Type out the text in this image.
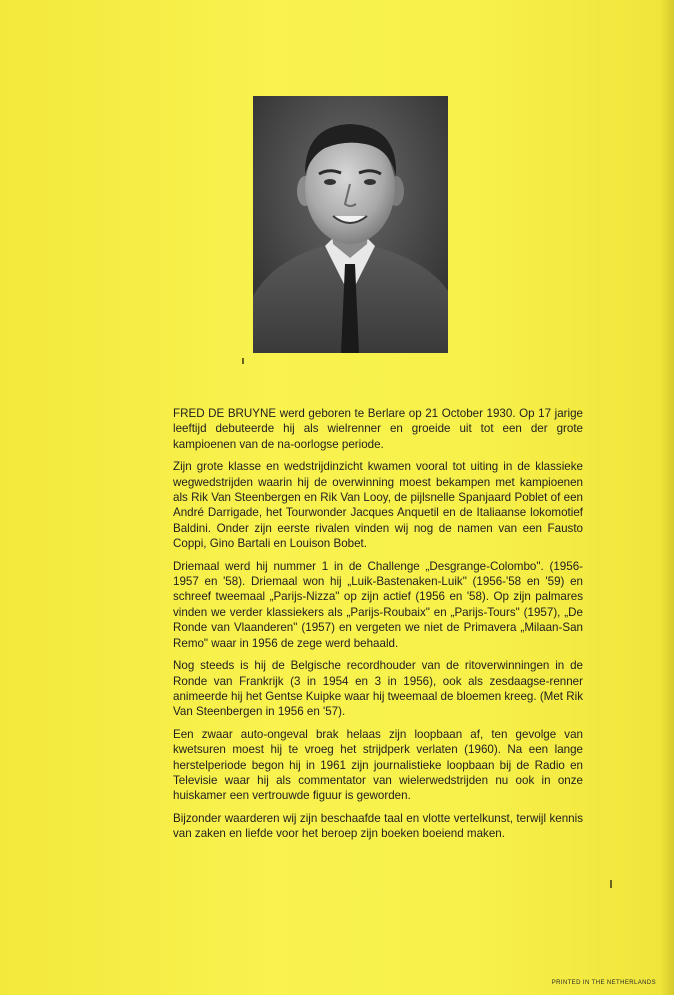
FRED DE BRUYNE werd geboren te Berlare op 21 October 1930. Op 17 jarige leeftijd debuteerde hij als wielrenner en groeide uit tot een der grote kampioenen van de na-oorlogse periode.

Zijn grote klasse en wedstrijdinzicht kwamen vooral tot uiting in de klassieke wegwedstrijden waarin hij de overwinning moest bekampen met kampioenen als Rik Van Steenbergen en Rik Van Looy, de pijlsnelle Spanjaard Poblet of een André Darrigade, het Tourwonder Jacques Anquetil en de Italiaanse lokomotief Baldini. Onder zijn eerste rivalen vinden wij nog de namen van een Fausto Coppi, Gino Bartali en Louison Bobet.

Driemaal werd hij nummer 1 in de Challenge „Desgrange-Colombo". (1956-1957 en '58). Driemaal won hij „Luik-Bastenaken-Luik" (1956-'58 en '59) en schreef tweemaal „Parijs-Nizza" op zijn actief (1956 en '58). Op zijn palmares vinden we verder klassiekers als „Parijs-Roubaix" en „Parijs-Tours" (1957), „De Ronde van Vlaanderen" (1957) en vergeten we niet de Primavera „Milaan-San Remo" waar in 1956 de zege werd behaald.

Nog steeds is hij de Belgische recordhouder van de ritoverwinningen in de Ronde van Frankrijk (3 in 1954 en 3 in 1956), ook als zesdaagse-renner animeerde hij het Gentse Kuipke waar hij tweemaal de bloemen kreeg. (Met Rik Van Steenbergen in 1956 en '57).

Een zwaar auto-ongeval brak helaas zijn loopbaan af, ten gevolge van kwetsuren moest hij te vroeg het strijdperk verlaten (1960). Na een lange herstelperiode begon hij in 1961 zijn journalistieke loopbaan bij de Radio en Televisie waar hij als commentator van wielerwedstrijden nu ook in onze huiskamer een vertrouwde figuur is geworden.

Bijzonder waarderen wij zijn beschaafde taal en vlotte vertelkunst, terwijl kennis van zaken en liefde voor het beroep zijn boeken boeiend maken.

PRINTED IN THE NETHERLANDS
